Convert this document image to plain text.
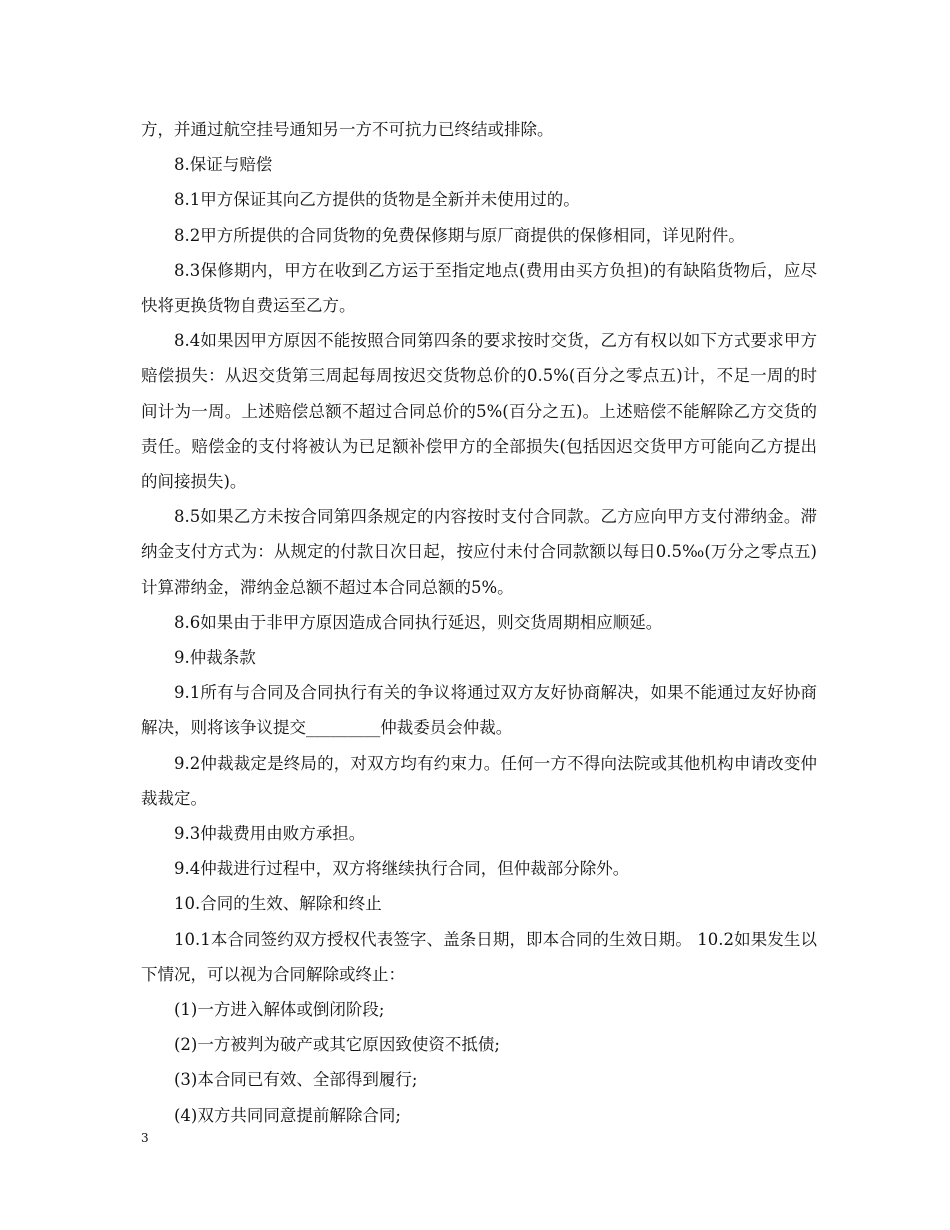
方，并通过航空挂号通知另一方不可抗力已终结或排除。

8.保证与赔偿

8.1甲方保证其向乙方提供的货物是全新并未使用过的。

8.2甲方所提供的合同货物的免费保修期与原厂商提供的保修相同，详见附件。

8.3保修期内，甲方在收到乙方运于至指定地点(费用由买方负担)的有缺陷货物后，应尽快将更换货物自费运至乙方。

8.4如果因甲方原因不能按照合同第四条的要求按时交货，乙方有权以如下方式要求甲方赔偿损失：从迟交货第三周起每周按迟交货物总价的0.5%(百分之零点五)计，不足一周的时间计为一周。上述赔偿总额不超过合同总价的5%(百分之五)。上述赔偿不能解除乙方交货的责任。赔偿金的支付将被认为已足额补偿甲方的全部损失(包括因迟交货甲方可能向乙方提出的间接损失)。

8.5如果乙方未按合同第四条规定的内容按时支付合同款。乙方应向甲方支付滞纳金。滞纳金支付方式为：从规定的付款日次日起，按应付未付合同款额以每日0.5‰(万分之零点五)计算滞纳金，滞纳金总额不超过本合同总额的5%。

8.6如果由于非甲方原因造成合同执行延迟，则交货周期相应顺延。

9.仲裁条款

9.1所有与合同及合同执行有关的争议将通过双方友好协商解决，如果不能通过友好协商解决，则将该争议提交_________仲裁委员会仲裁。

9.2仲裁裁定是终局的，对双方均有约束力。任何一方不得向法院或其他机构申请改变仲裁裁定。

9.3仲裁费用由败方承担。

9.4仲裁进行过程中，双方将继续执行合同，但仲裁部分除外。

10.合同的生效、解除和终止

10.1本合同签约双方授权代表签字、盖条日期，即本合同的生效日期。 10.2如果发生以下情况，可以视为合同解除或终止：

(1)一方进入解体或倒闭阶段;

(2)一方被判为破产或其它原因致使资不抵债;

(3)本合同已有效、全部得到履行;

(4)双方共同同意提前解除合同;

3
